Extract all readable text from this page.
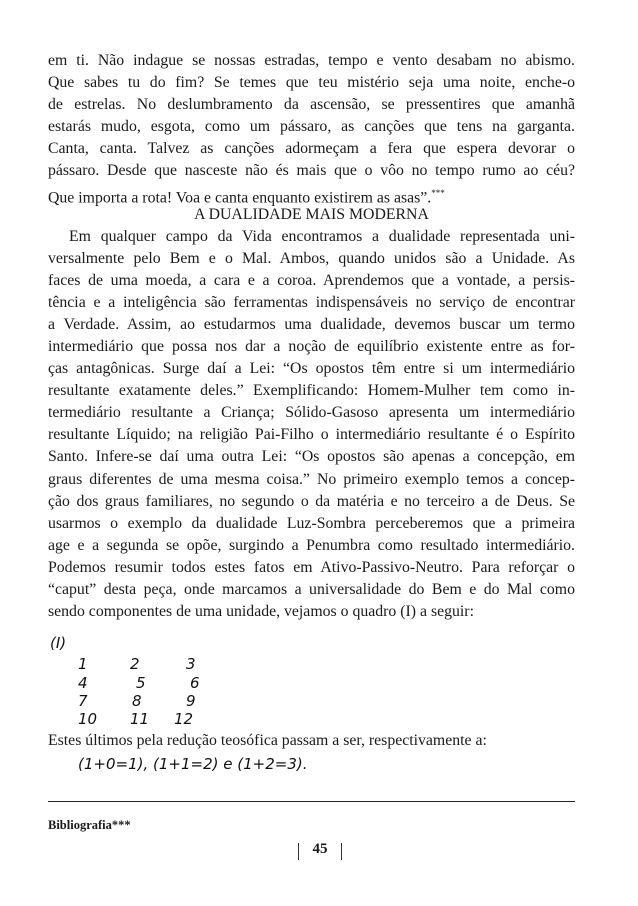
em ti. Não indague se nossas estradas, tempo e vento desabam no abismo.
Que sabes tu do fim? Se temes que teu mistério seja uma noite, enche-o
de estrelas. No deslumbramento da ascensão, se pressentires que amanhã
estarás mudo, esgota, como um pássaro, as canções que tens na garganta.
Canta, canta. Talvez as canções adormeçam a fera que espera devorar o
pássaro. Desde que nasceste não és mais que o vôo no tempo rumo ao céu?
Que importa a rota! Voa e canta enquanto existirem as asas”.***
A DUALIDADE MAIS MODERNA
Em qualquer campo da Vida encontramos a dualidade representada uni-
versalmente pelo Bem e o Mal. Ambos, quando unidos são a Unidade. As
faces de uma moeda, a cara e a coroa. Aprendemos que a vontade, a persis-
tência e a inteligência são ferramentas indispensáveis no serviço de encontrar
a Verdade. Assim, ao estudarmos uma dualidade, devemos buscar um termo
intermediário que possa nos dar a noção de equilíbrio existente entre as for-
ças antagônicas. Surge daí a Lei: “Os opostos têm entre si um intermediário
resultante exatamente deles.” Exemplificando: Homem-Mulher tem como in-
termediário resultante a Criança; Sólido-Gasoso apresenta um intermediário
resultante Líquido; na religião Pai-Filho o intermediário resultante é o Espírito
Santo. Infere-se daí uma outra Lei: “Os opostos são apenas a concepção, em
graus diferentes de uma mesma coisa.” No primeiro exemplo temos a concep-
ção dos graus familiares, no segundo o da matéria e no terceiro a de Deus. Se
usarmos o exemplo da dualidade Luz-Sombra perceberemos que a primeira
age e a segunda se opõe, surgindo a Penumbra como resultado intermediário.
Podemos resumir todos estes fatos em Ativo-Passivo-Neutro. Para reforçar o
“caput” desta peça, onde marcamos a universalidade do Bem e do Mal como
sendo componentes de uma unidade, vejamos o quadro (I) a seguir:
(I)
1	2	3
4	5	6
7	8	9
10 11 12
Estes últimos pela redução teosófica passam a ser, respectivamente a:
(1+0=1), (1+1=2) e (1+2=3).
Bibliografia***
45
